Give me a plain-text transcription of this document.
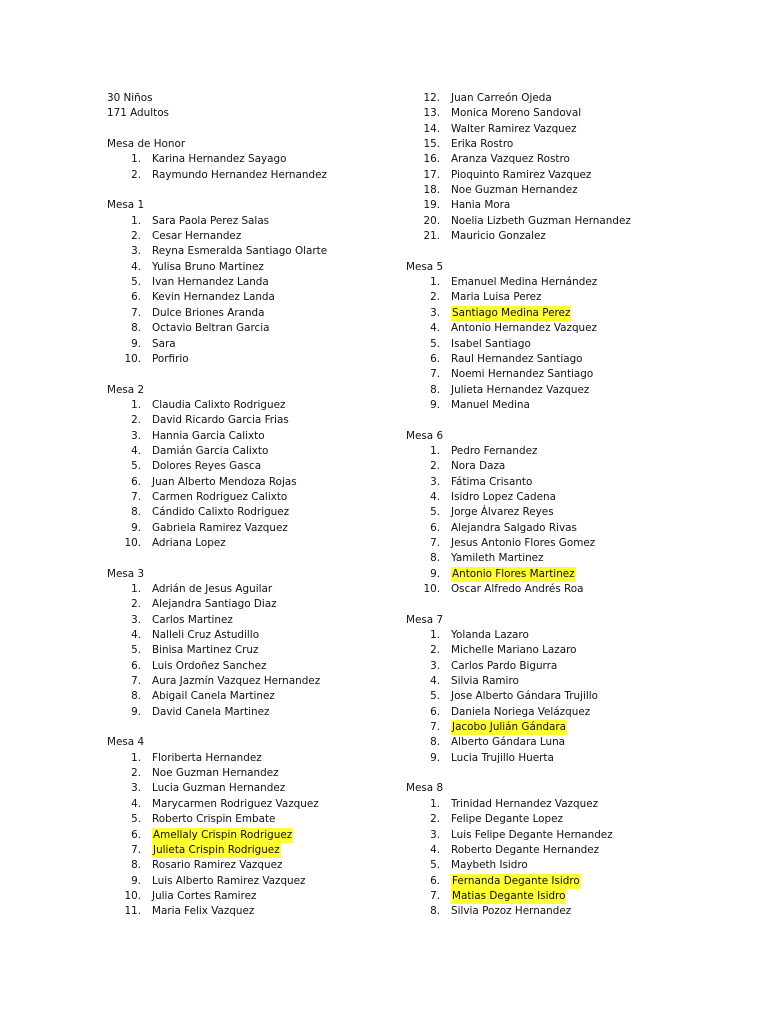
30 Niños
171 Adultos
Mesa de Honor
1.	Karina Hernandez Sayago
2.	Raymundo Hernandez Hernandez
Mesa 1
1.	Sara Paola Perez Salas
2.	Cesar Hernandez
3.	Reyna Esmeralda Santiago Olarte
4.	Yulisa Bruno Martinez
5.	Ivan Hernandez Landa
6.	Kevin Hernandez Landa
7.	Dulce Briones Aranda
8.	Octavio Beltran Garcia
9.	Sara
10.	Porfirio
Mesa 2
1.	Claudia Calixto Rodriguez
2.	David Ricardo Garcia Frias
3.	Hannia Garcia Calixto
4.	Damián Garcia Calixto
5.	Dolores Reyes Gasca
6.	Juan Alberto Mendoza Rojas
7.	Carmen Rodriguez Calixto
8.	Cándido Calixto Rodriguez
9.	Gabriela Ramirez Vazquez
10.	Adriana Lopez
Mesa 3
1.	Adrián de Jesus Aguilar
2.	Alejandra Santiago Diaz
3.	Carlos Martinez
4.	Nalleli Cruz Astudillo
5.	Binisa Martinez Cruz
6.	Luis Ordoñez Sanchez
7.	Aura Jazmín Vazquez Hernandez
8.	Abigail Canela Martinez
9.	David Canela Martinez
Mesa 4
1.	Floriberta Hernandez
2.	Noe Guzman Hernandez
3.	Lucia Guzman Hernandez
4.	Marycarmen Rodriguez Vazquez
5.	Roberto Crispin Embate
6.	Amellaly Crispin Rodriguez
7.	Julieta Crispin Rodriguez
8.	Rosario Ramirez Vazquez
9.	Luis Alberto Ramirez Vazquez
10.	Julia Cortes Ramirez
11.	Maria Felix Vazquez
12.	Juan Carreón Ojeda
13.	Monica Moreno Sandoval
14.	Walter Ramirez Vazquez
15.	Erika Rostro
16.	Aranza Vazquez Rostro
17.	Pioquinto Ramirez Vazquez
18.	Noe Guzman Hernandez
19.	Hania Mora
20.	Noelia Lizbeth Guzman Hernandez
21.	Mauricio Gonzalez
Mesa 5
1.	Emanuel Medina Hernández
2.	Maria Luisa Perez
3.	Santiago Medina Perez
4.	Antonio Hernandez Vazquez
5.	Isabel Santiago
6.	Raul Hernandez Santiago
7.	Noemi Hernandez Santiago
8.	Julieta Hernandez Vazquez
9.	Manuel Medina
Mesa 6
1.	Pedro Fernandez
2.	Nora Daza
3.	Fátima Crisanto
4.	Isidro Lopez Cadena
5.	Jorge Álvarez Reyes
6.	Alejandra Salgado Rivas
7.	Jesus Antonio Flores Gomez
8.	Yamileth Martinez
9.	Antonio Flores Martinez
10.	Oscar Alfredo Andrés Roa
Mesa 7
1.	Yolanda Lazaro
2.	Michelle Mariano Lazaro
3.	Carlos Pardo Bigurra
4.	Silvia Ramiro
5.	Jose Alberto Gándara Trujillo
6.	Daniela Noriega Velázquez
7.	Jacobo Julián Gándara
8.	Alberto Gándara Luna
9.	Lucia Trujillo Huerta
Mesa 8
1.	Trinidad Hernandez Vazquez
2.	Felipe Degante Lopez
3.	Luis Felipe Degante Hernandez
4.	Roberto Degante Hernandez
5.	Maybeth Isidro
6.	Fernanda Degante Isidro
7.	Matias Degante Isidro
8.	Silvia Pozoz Hernandez
